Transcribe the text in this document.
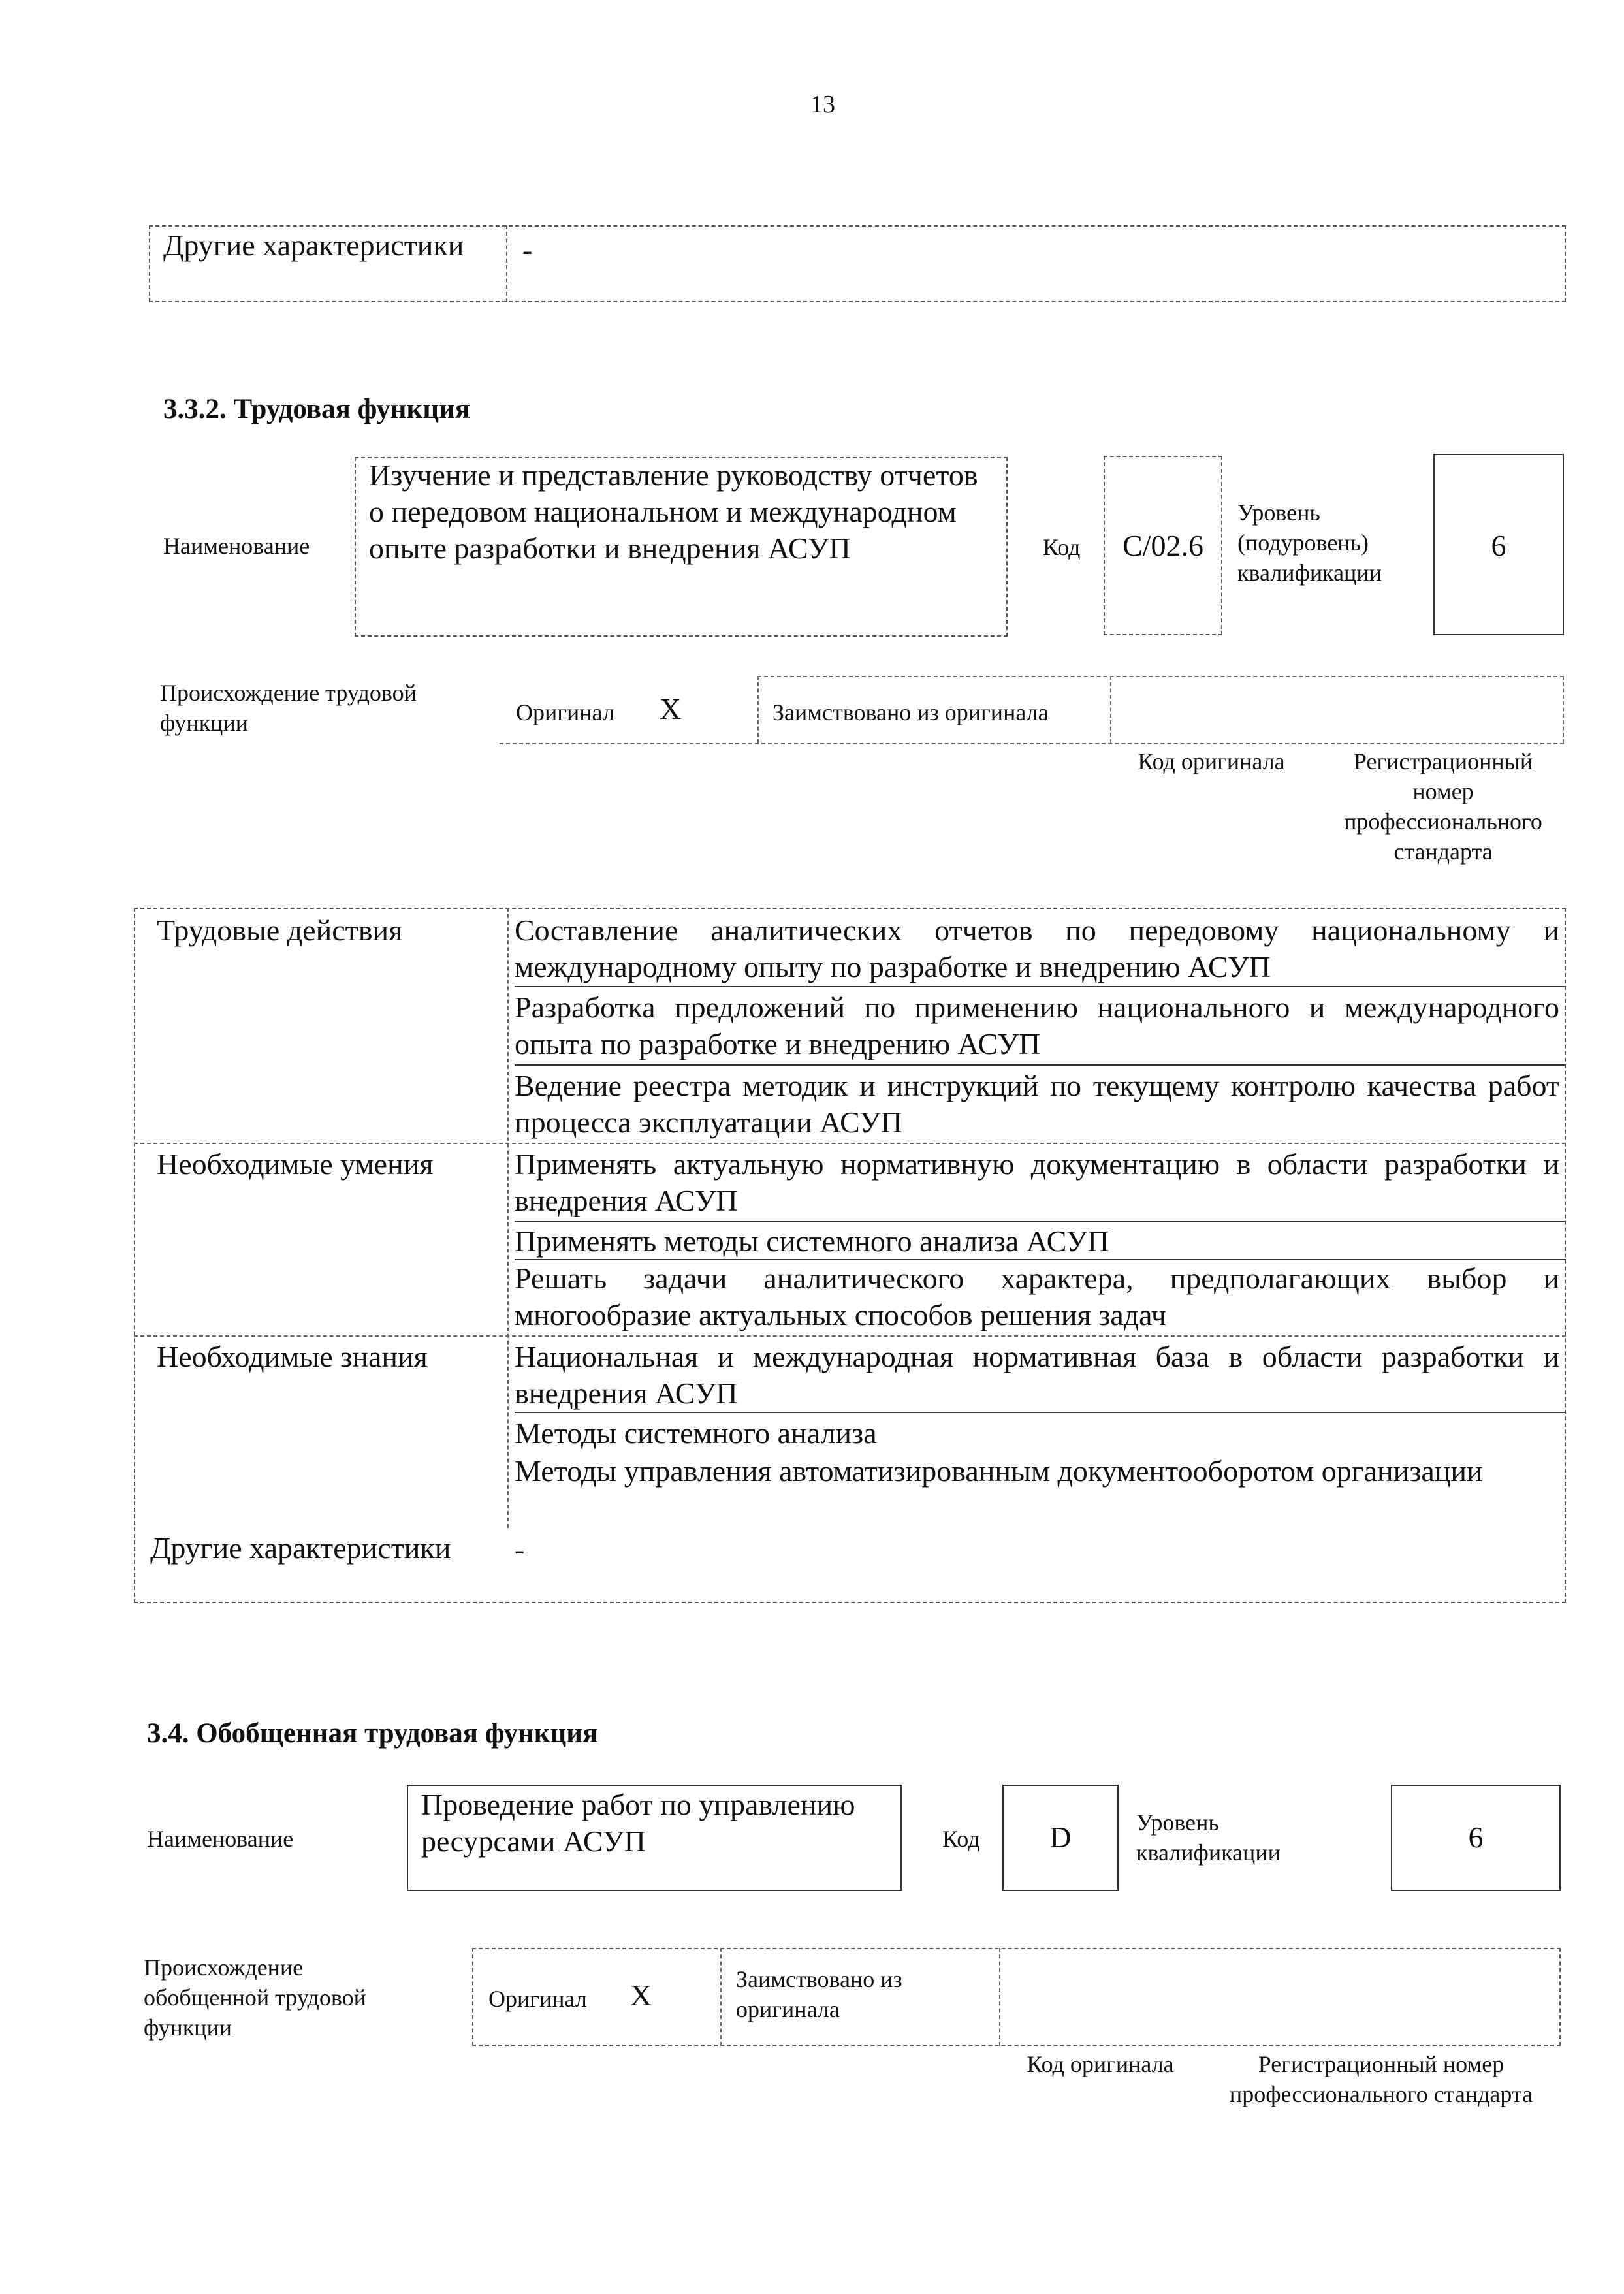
13
Другие характеристики	-
3.3.2. Трудовая функция
Наименование
Изучение и представление руководству отчетов о передовом национальном и международном опыте разработки и внедрения АСУП	Код	C/02.6
Уровень (подуровень) квалификации
6
Происхождение трудовой функции	Оригинал X	Заимствовано из оригинала
Код оригинала	Регистрационный номер профессионального стандарта
Трудовые действия	Составление аналитических отчетов по передовому национальному и международному опыту по разработке и внедрению АСУП
Разработка предложений по применению национального и международного опыта по разработке и внедрению АСУП
Ведение реестра методик и инструкций по текущему контролю качества работ процесса эксплуатации АСУП
Необходимые умения	Применять актуальную нормативную документацию в области разработки и внедрения АСУП
Применять методы системного анализа АСУП
Решать задачи аналитического характера, предполагающих выбор и многообразие актуальных способов решения задач
Необходимые знания	Национальная и международная нормативная база в области разработки и внедрения АСУП
Методы системного анализа
Методы управления автоматизированным документооборотом организации
Другие характеристики	-
3.4. Обобщенная трудовая функция
Наименование
Проведение работ по управлению ресурсами АСУП	Код	D	Уровень квалификации	6
Происхождение обобщенной трудовой функции
Оригинал X	Заимствовано из оригинала
Код оригинала	Регистрационный номер профессионального стандарта
